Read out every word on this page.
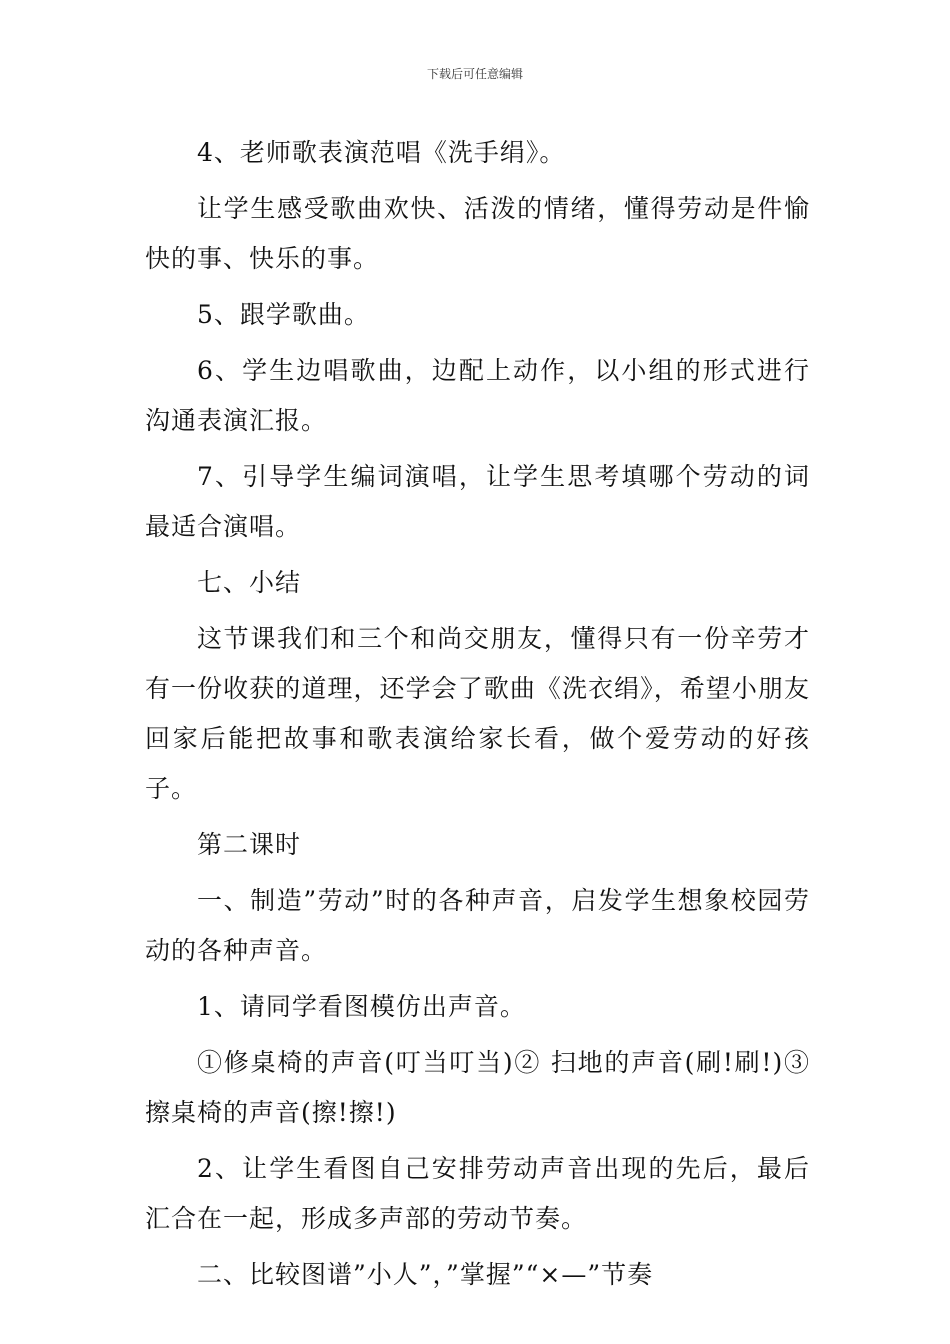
下载后可任意编辑

4、老师歌表演范唱《洗手绢》。

让学生感受歌曲欢快、活泼的情绪，懂得劳动是件愉快的事、快乐的事。

5、跟学歌曲。

6、学生边唱歌曲，边配上动作，以小组的形式进行沟通表演汇报。

7、引导学生编词演唱，让学生思考填哪个劳动的词最适合演唱。

七、小结

这节课我们和三个和尚交朋友，懂得只有一份辛劳才有一份收获的道理，还学会了歌曲《洗衣绢》，希望小朋友回家后能把故事和歌表演给家长看，做个爱劳动的好孩子。

第二课时

一、制造”劳动”时的各种声音，启发学生想象校园劳动的各种声音。

1、请同学看图模仿出声音。

①修桌椅的声音(叮当叮当)② 扫地的声音(刷!刷!)③擦桌椅的声音(擦!擦!)

2、让学生看图自己安排劳动声音出现的先后，最后汇合在一起，形成多声部的劳动节奏。

二、比较图谱”小人”，”掌握”“×—”节奏
